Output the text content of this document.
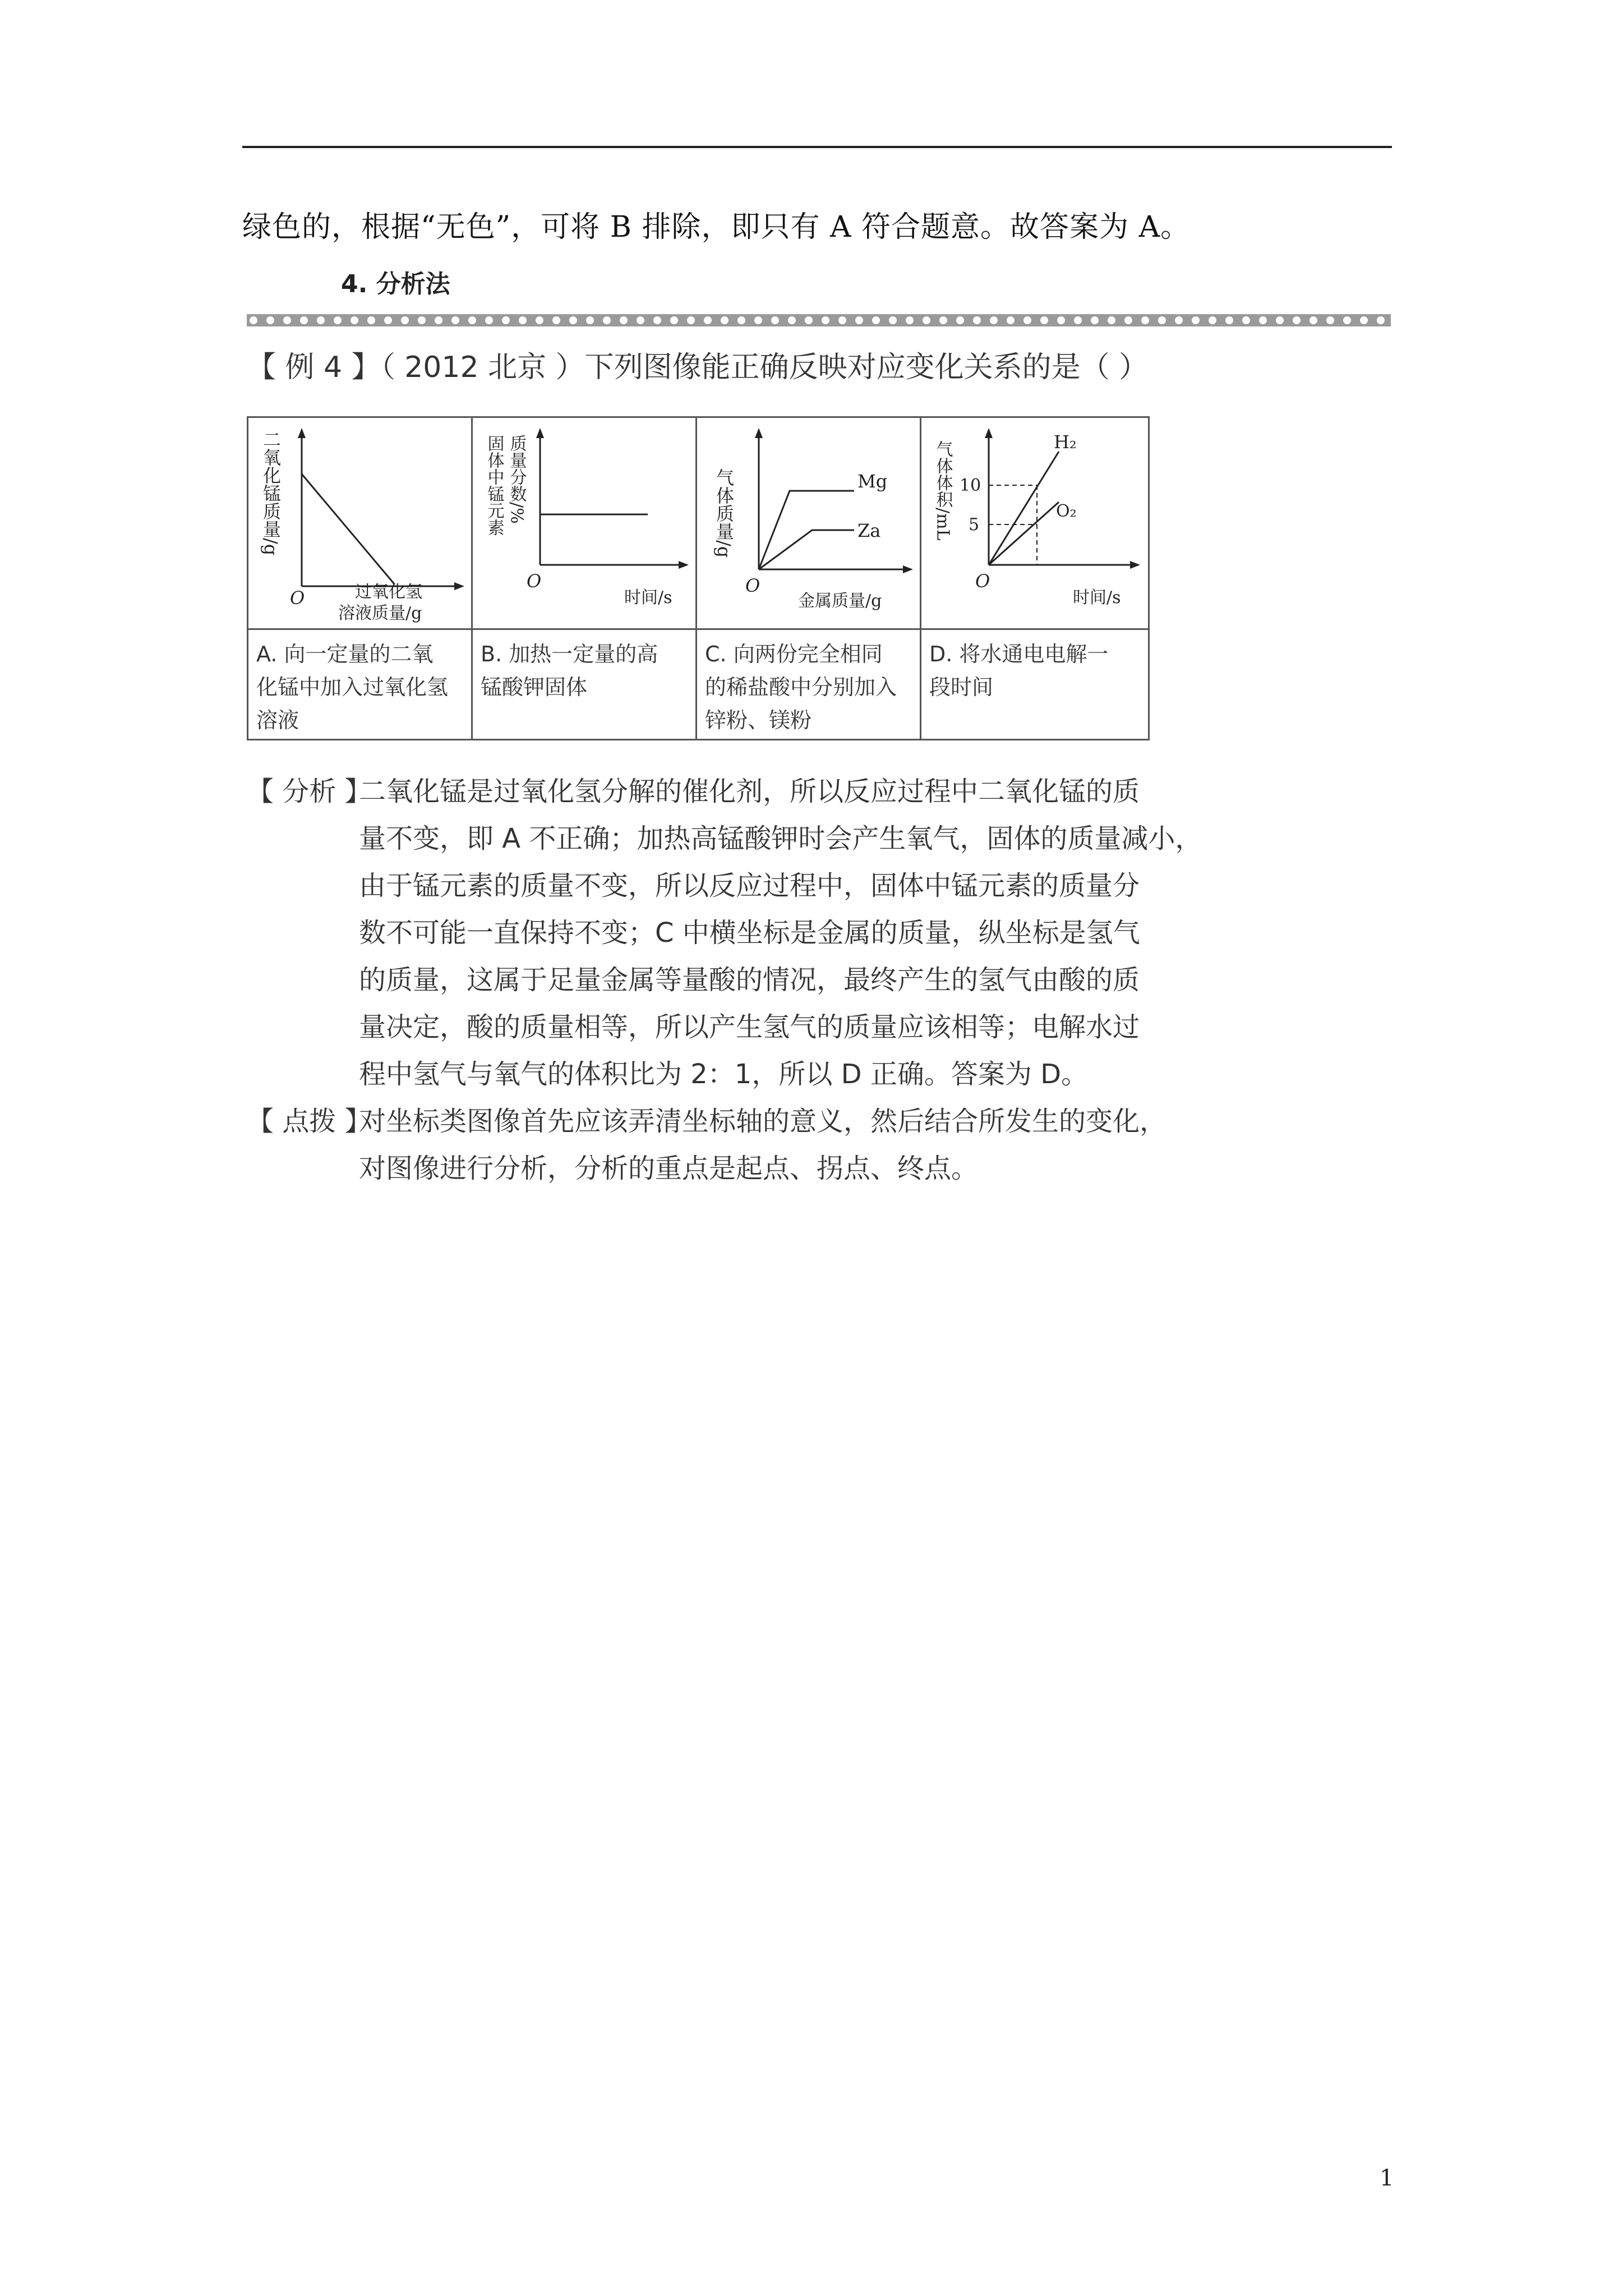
绿色的，根据“无色”，可将 B 排除，即只有 A 符合题意。故答案为 A。
4. 分析法
【 例 4 】（ 2012 北京 ）下列图像能正确反映对应变化关系的是（ ）
O
二氧化锰质量/g
过氧化氢
溶液质量/g
A. 向一定量的二氧
化锰中加入过氧化氢
溶液
O
固体中锰元素 质量分数/%
时间/s
B. 加热一定量的高
锰酸钾固体
Mg
Za
O
气体质量/g
金属质量/g
C. 向两份完全相同
的稀盐酸中分别加入
锌粉、镁粉
10
5
H₂
O₂
O
气体体积/mL
时间/s
D. 将水通电电解一
段时间
【 分析 】
二氧化锰是过氧化氢分解的催化剂，所以反应过程中二氧化锰的质
量不变，即 A 不正确；加热高锰酸钾时会产生氧气，固体的质量减小，
由于锰元素的质量不变，所以反应过程中，固体中锰元素的质量分
数不可能一直保持不变；C 中横坐标是金属的质量，纵坐标是氢气
的质量，这属于足量金属等量酸的情况，最终产生的氢气由酸的质
量决定，酸的质量相等，所以产生氢气的质量应该相等；电解水过
程中氢气与氧气的体积比为 2：1，所以 D 正确。答案为 D。
【 点拨 】
对坐标类图像首先应该弄清坐标轴的意义，然后结合所发生的变化，
对图像进行分析，分析的重点是起点、拐点、终点。
1
